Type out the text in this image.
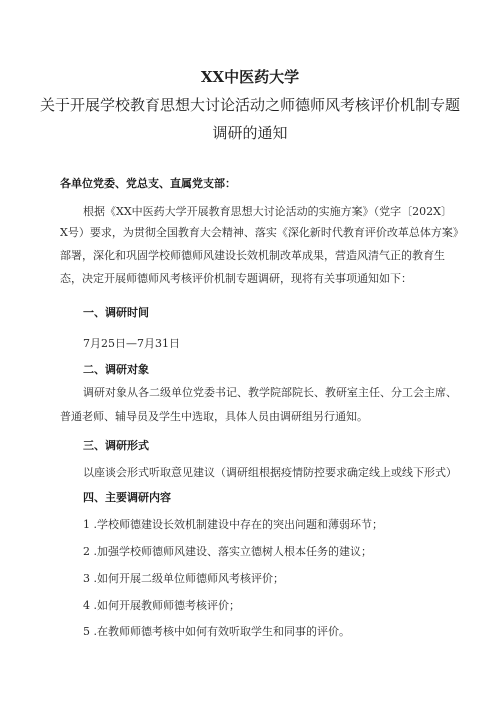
XX中医药大学
关于开展学校教育思想大讨论活动之师德师风考核评价机制专题
调研的通知
各单位党委、党总支、直属党支部：
根据《XX中医药大学开展教育思想大讨论活动的实施方案》（党字〔202X〕
X号）要求，为贯彻全国教育大会精神、落实《深化新时代教育评价改革总体方案》
部署，深化和巩固学校师德师风建设长效机制改革成果，营造风清气正的教育生
态，决定开展师德师风考核评价机制专题调研，现将有关事项通知如下：
一、调研时间
7月25日—7月31日
二、调研对象
调研对象从各二级单位党委书记、教学院部院长、教研室主任、分工会主席、
普通老师、辅导员及学生中选取，具体人员由调研组另行通知。
三、调研形式
以座谈会形式听取意见建议（调研组根据疫情防控要求确定线上或线下形式）
四、主要调研内容
1 .学校师德建设长效机制建设中存在的突出问题和薄弱环节；
2 .加强学校师德师风建设、落实立德树人根本任务的建议；
3 .如何开展二级单位师德师风考核评价；
4 .如何开展教师师德考核评价；
5 .在教师师德考核中如何有效听取学生和同事的评价。
